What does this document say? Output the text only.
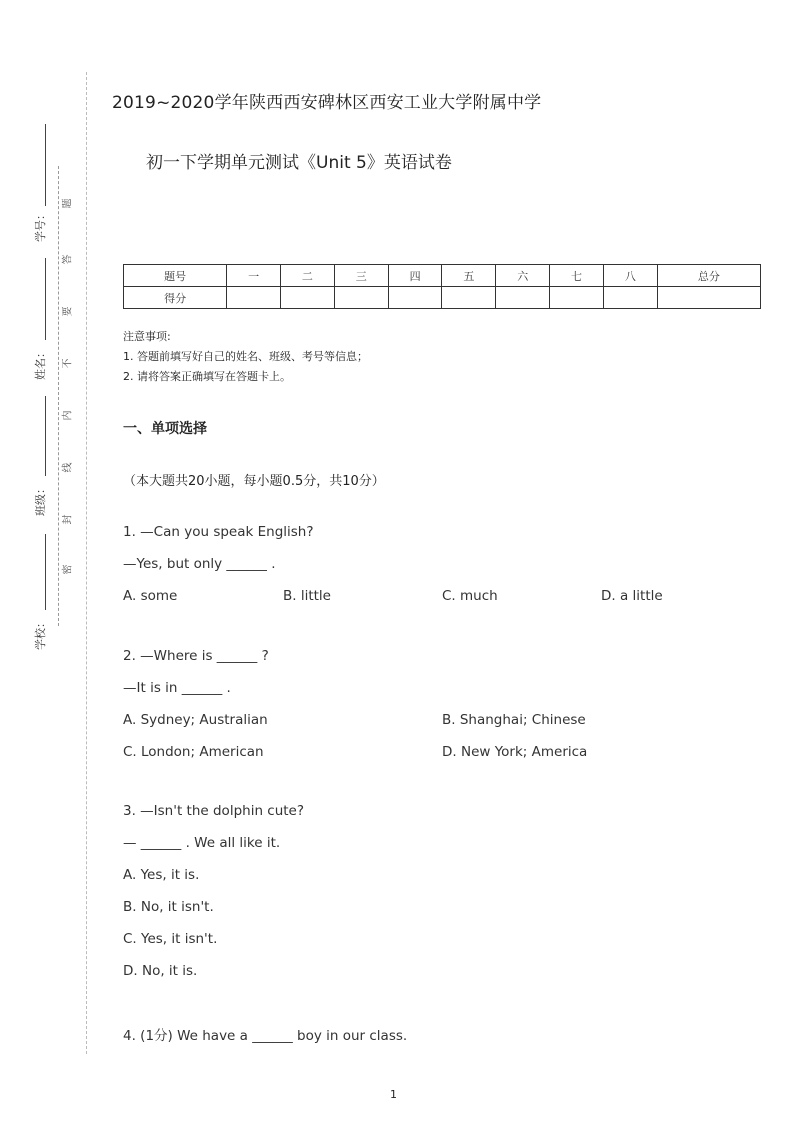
题
答
要
不
内
线
封
密
学号：
姓名：
班级：
学校：
2019~2020学年陕西西安碑林区西安工业大学附属中学
初一下学期单元测试《Unit 5》英语试卷
题号	一	二	三	四	五	六	七	八	总分
得分									
注意事项:
1. 答题前填写好自己的姓名、班级、考号等信息；
2. 请将答案正确填写在答题卡上。
一、单项选择
（本大题共20小题，每小题0.5分，共10分）
1. —Can you speak English?
—Yes, but only ______ .
A. some	B. little	C. much	D. a little
2. —Where is ______ ?
—It is in ______ .
A. Sydney; Australian	B. Shanghai; Chinese
C. London; American	D. New York; America
3. —Isn't the dolphin cute?
— ______ . We all like it.
A. Yes, it is.
B. No, it isn't.
C. Yes, it isn't.
D. No, it is.
4. (1分) We have a ______ boy in our class.
1
